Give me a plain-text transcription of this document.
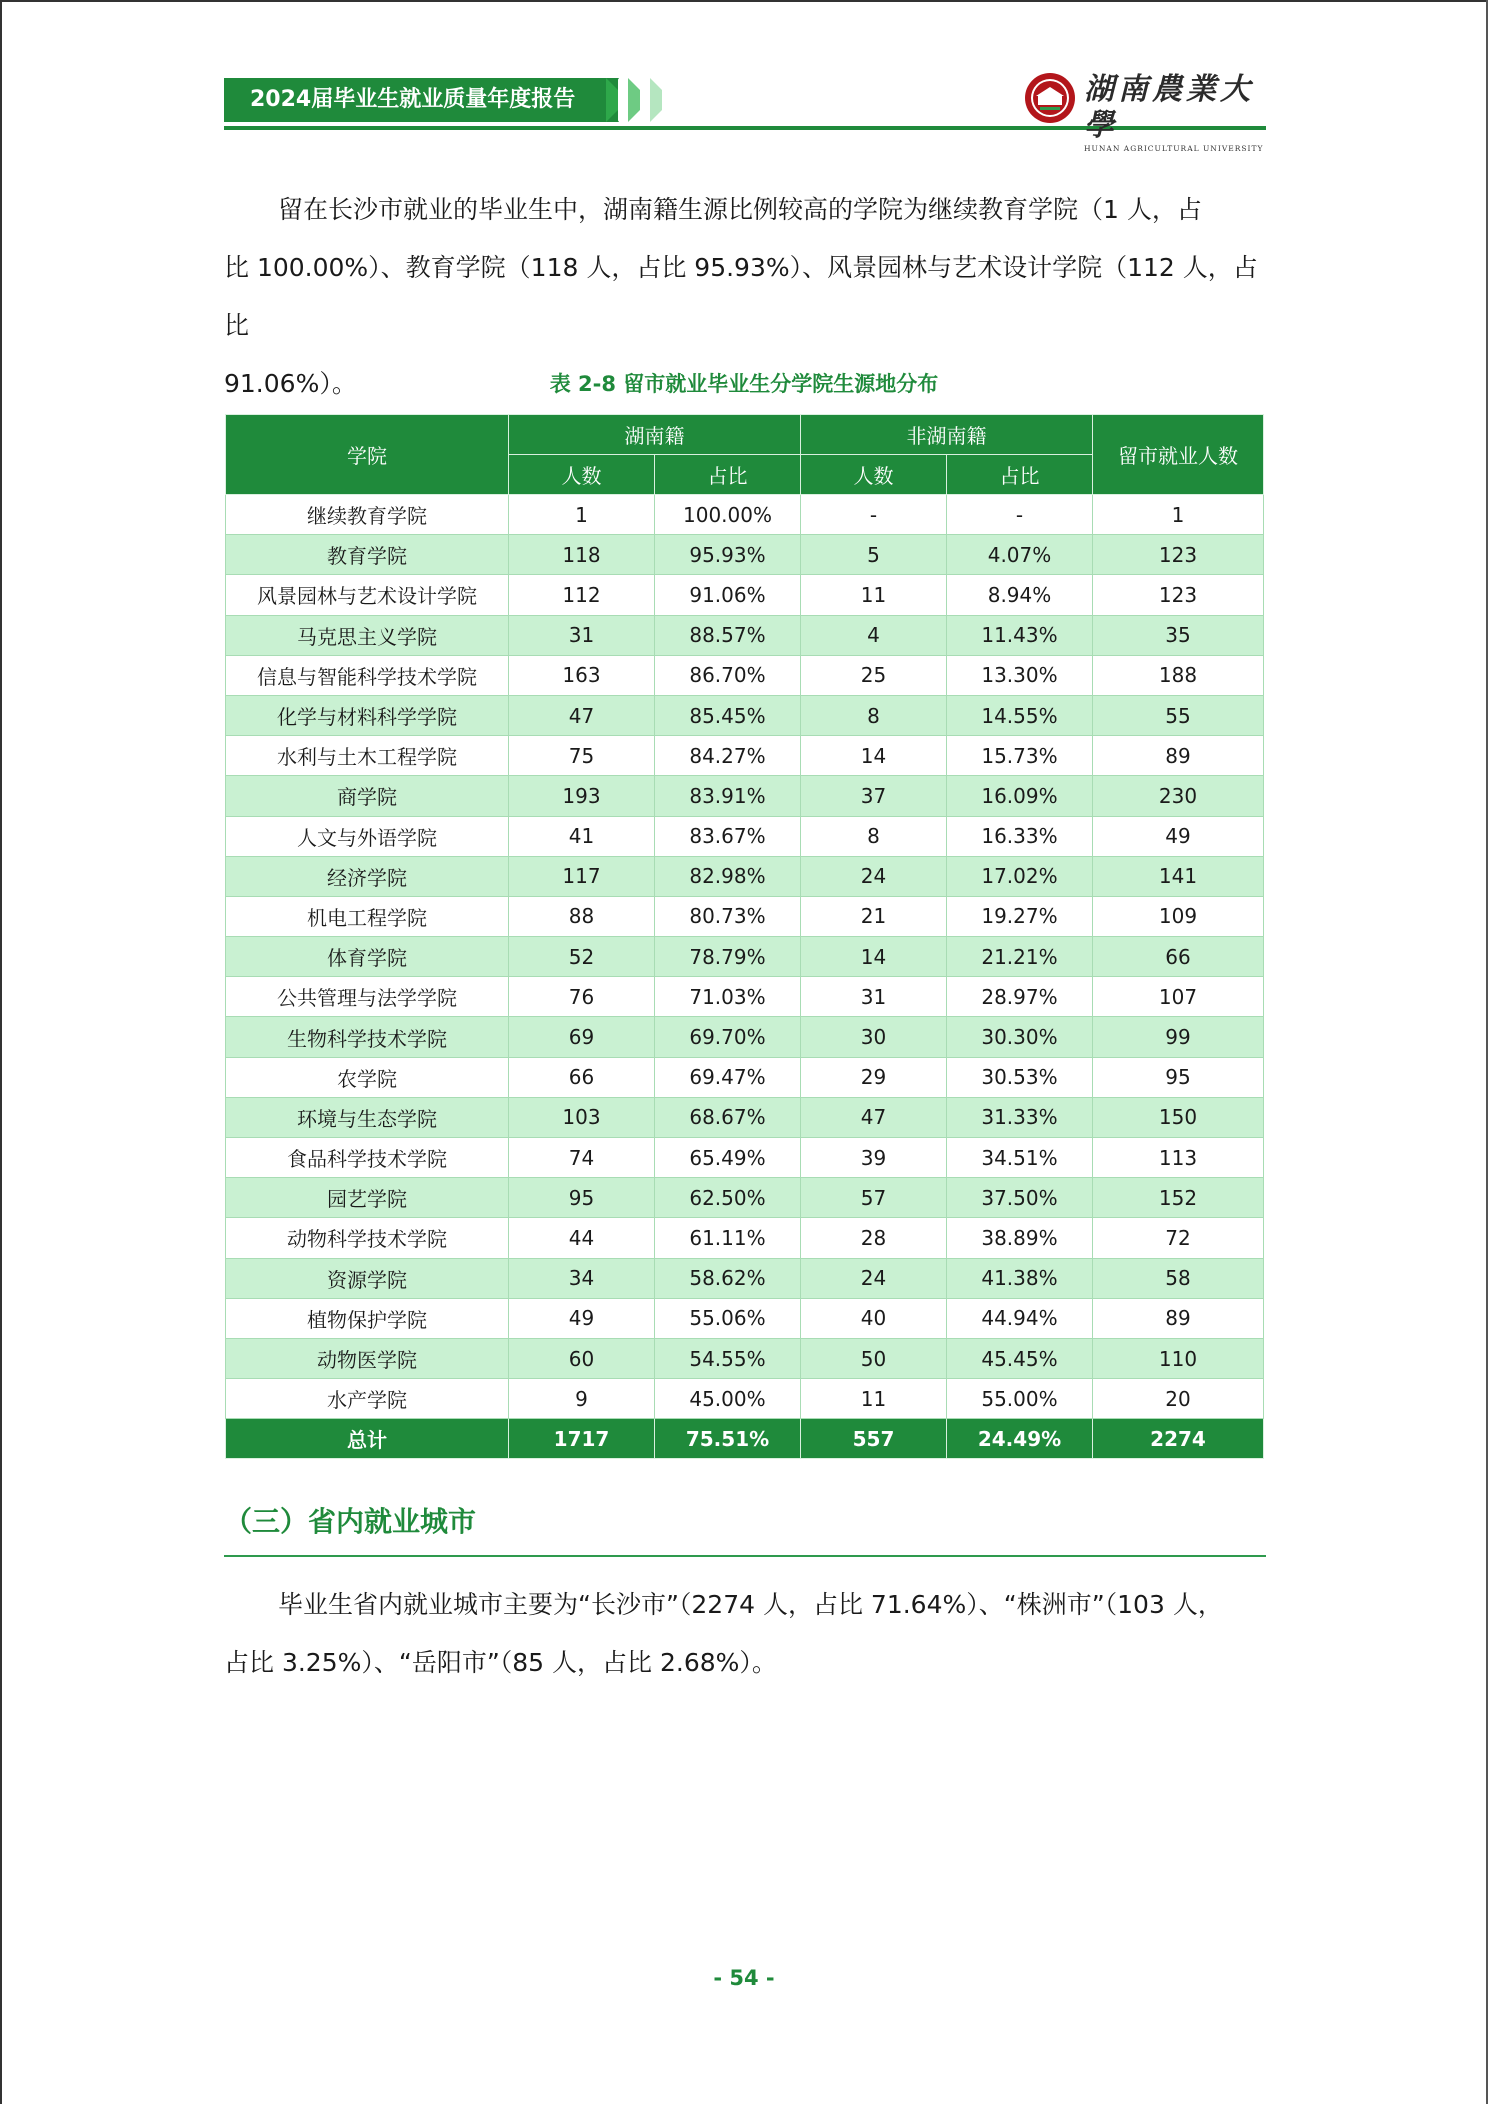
2024届毕业生就业质量年度报告	湖南農業大學
HUNAN AGRICULTURAL UNIVERSITY
留在长沙市就业的毕业生中，湖南籍生源比例较高的学院为继续教育学院（1 人，占
比 100.00%）、教育学院（118 人，占比 95.93%）、风景园林与艺术设计学院（112 人，占比
91.06%）。	表 2-8 留市就业毕业生分学院生源地分布
学院	湖南籍		非湖南籍		留市就业人数
	人数	占比	人数	占比	
继续教育学院	1	100.00%	-	-	1
教育学院	118	95.93%	5	4.07%	123
风景园林与艺术设计学院	112	91.06%	11	8.94%	123
马克思主义学院	31	88.57%	4	11.43%	35
信息与智能科学技术学院	163	86.70%	25	13.30%	188
化学与材料科学学院	47	85.45%	8	14.55%	55
水利与土木工程学院	75	84.27%	14	15.73%	89
商学院	193	83.91%	37	16.09%	230
人文与外语学院	41	83.67%	8	16.33%	49
经济学院	117	82.98%	24	17.02%	141
机电工程学院	88	80.73%	21	19.27%	109
体育学院	52	78.79%	14	21.21%	66
公共管理与法学学院	76	71.03%	31	28.97%	107
生物科学技术学院	69	69.70%	30	30.30%	99
农学院	66	69.47%	29	30.53%	95
环境与生态学院	103	68.67%	47	31.33%	150
食品科学技术学院	74	65.49%	39	34.51%	113
园艺学院	95	62.50%	57	37.50%	152
动物科学技术学院	44	61.11%	28	38.89%	72
资源学院	34	58.62%	24	41.38%	58
植物保护学院	49	55.06%	40	44.94%	89
动物医学院	60	54.55%	50	45.45%	110
水产学院	9	45.00%	11	55.00%	20
总计	1717	75.51%	557	24.49%	2274
（三）省内就业城市
毕业生省内就业城市主要为“长沙市”（2274 人，占比 71.64%）、“株洲市”（103 人，
占比 3.25%）、“岳阳市”（85 人，占比 2.68%）。
- 54 -
